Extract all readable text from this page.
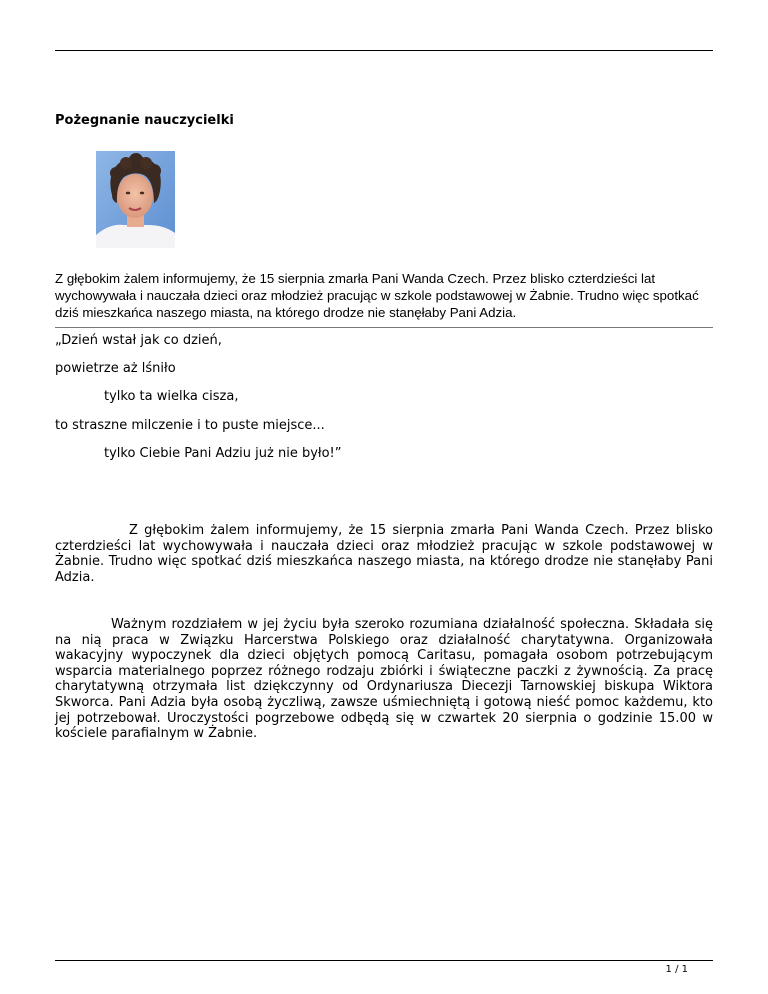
Pożegnanie nauczycielki
Z głębokim żalem informujemy, że 15 sierpnia zmarła Pani Wanda Czech. Przez blisko czterdzieści lat wychowywała i nauczała dzieci oraz młodzież pracując w szkole podstawowej w Żabnie. Trudno więc spotkać dziś mieszkańca naszego miasta, na którego drodze nie stanęłaby Pani Adzia.
„Dzień wstał jak co dzień,
powietrze aż lśniło
tylko ta wielka cisza,
to straszne milczenie i to puste miejsce...
tylko Ciebie Pani Adziu już nie było!”
Z głębokim żalem informujemy, że 15 sierpnia zmarła Pani Wanda Czech. Przez blisko czterdzieści lat wychowywała i nauczała dzieci oraz młodzież pracując w szkole podstawowej w Żabnie. Trudno więc spotkać dziś mieszkańca naszego miasta, na którego drodze nie stanęłaby Pani Adzia.
Ważnym rozdziałem w jej życiu była szeroko rozumiana działalność społeczna. Składała się na nią praca w Związku Harcerstwa Polskiego oraz działalność charytatywna. Organizowała wakacyjny wypoczynek dla dzieci objętych pomocą Caritasu, pomagała osobom potrzebującym wsparcia materialnego poprzez różnego rodzaju zbiórki i świąteczne paczki z żywnością. Za pracę charytatywną otrzymała list dziękczynny od Ordynariusza Diecezji Tarnowskiej biskupa Wiktora Skworca. Pani Adzia była osobą życzliwą, zawsze uśmiechniętą i gotową nieść pomoc każdemu, kto jej potrzebował. Uroczystości pogrzebowe odbędą się w czwartek 20 sierpnia o godzinie 15.00 w kościele parafialnym w Żabnie.
1 / 1
